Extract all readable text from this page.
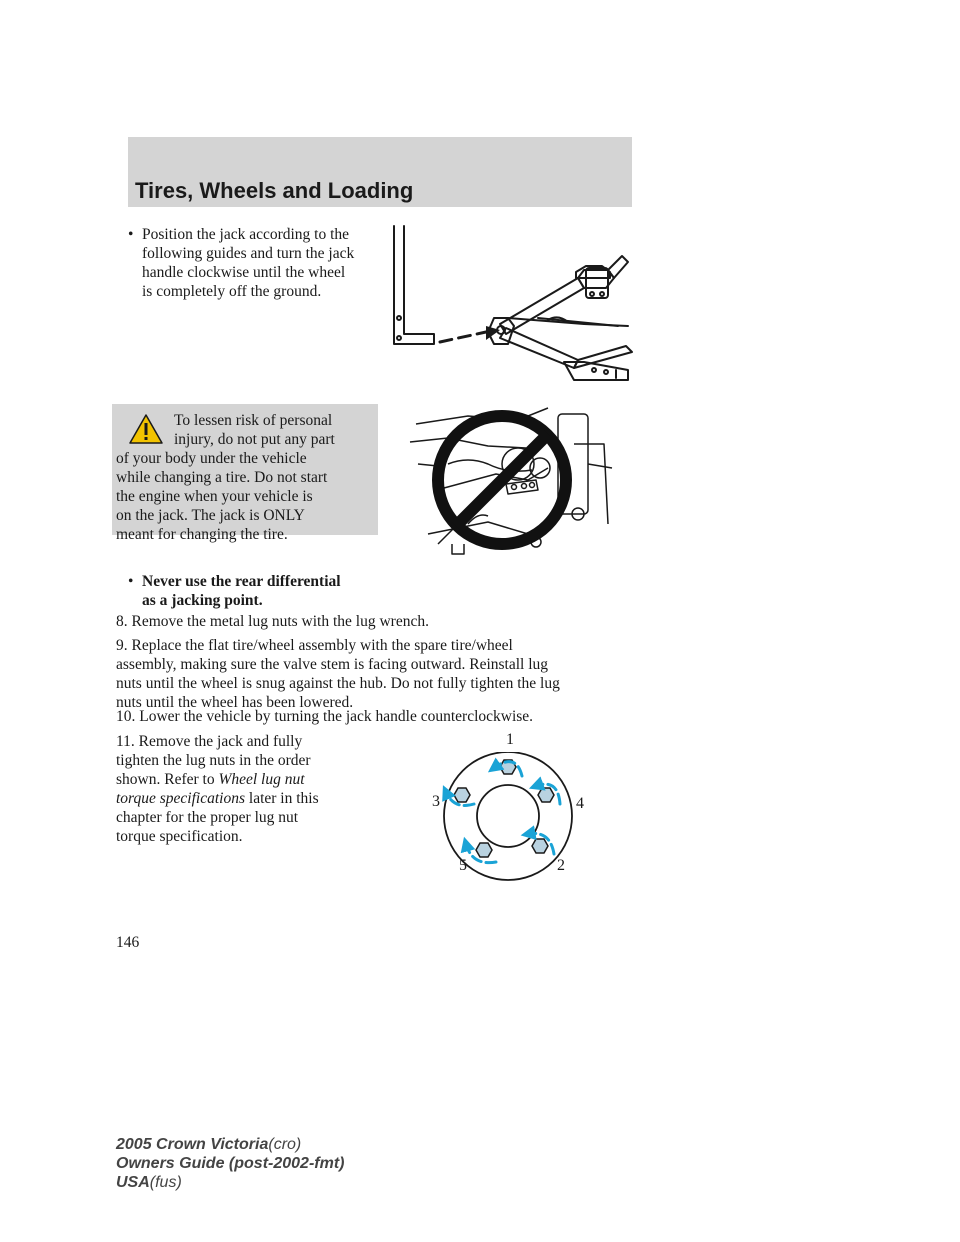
Tires, Wheels and Loading
• Position the jack according to the
following guides and turn the jack
handle clockwise until the wheel
is completely off the ground.
To lessen risk of personal
injury, do not put any part
of your body under the vehicle
while changing a tire. Do not start
the engine when your vehicle is
on the jack. The jack is ONLY
meant for changing the tire.
• Never use the rear differential
as a jacking point.
8. Remove the metal lug nuts with the lug wrench.
9. Replace the flat tire/wheel assembly with the spare tire/wheel
assembly, making sure the valve stem is facing outward. Reinstall lug
nuts until the wheel is snug against the hub. Do not fully tighten the lug
nuts until the wheel has been lowered.
10. Lower the vehicle by turning the jack handle counterclockwise.
11. Remove the jack and fully
tighten the lug nuts in the order
shown. Refer to Wheel lug nut
torque specifications later in this
chapter for the proper lug nut
torque specification.
1
2
3	4
5
146
2005 Crown Victoria(cro)
Owners Guide (post-2002-fmt)
USA(fus)
